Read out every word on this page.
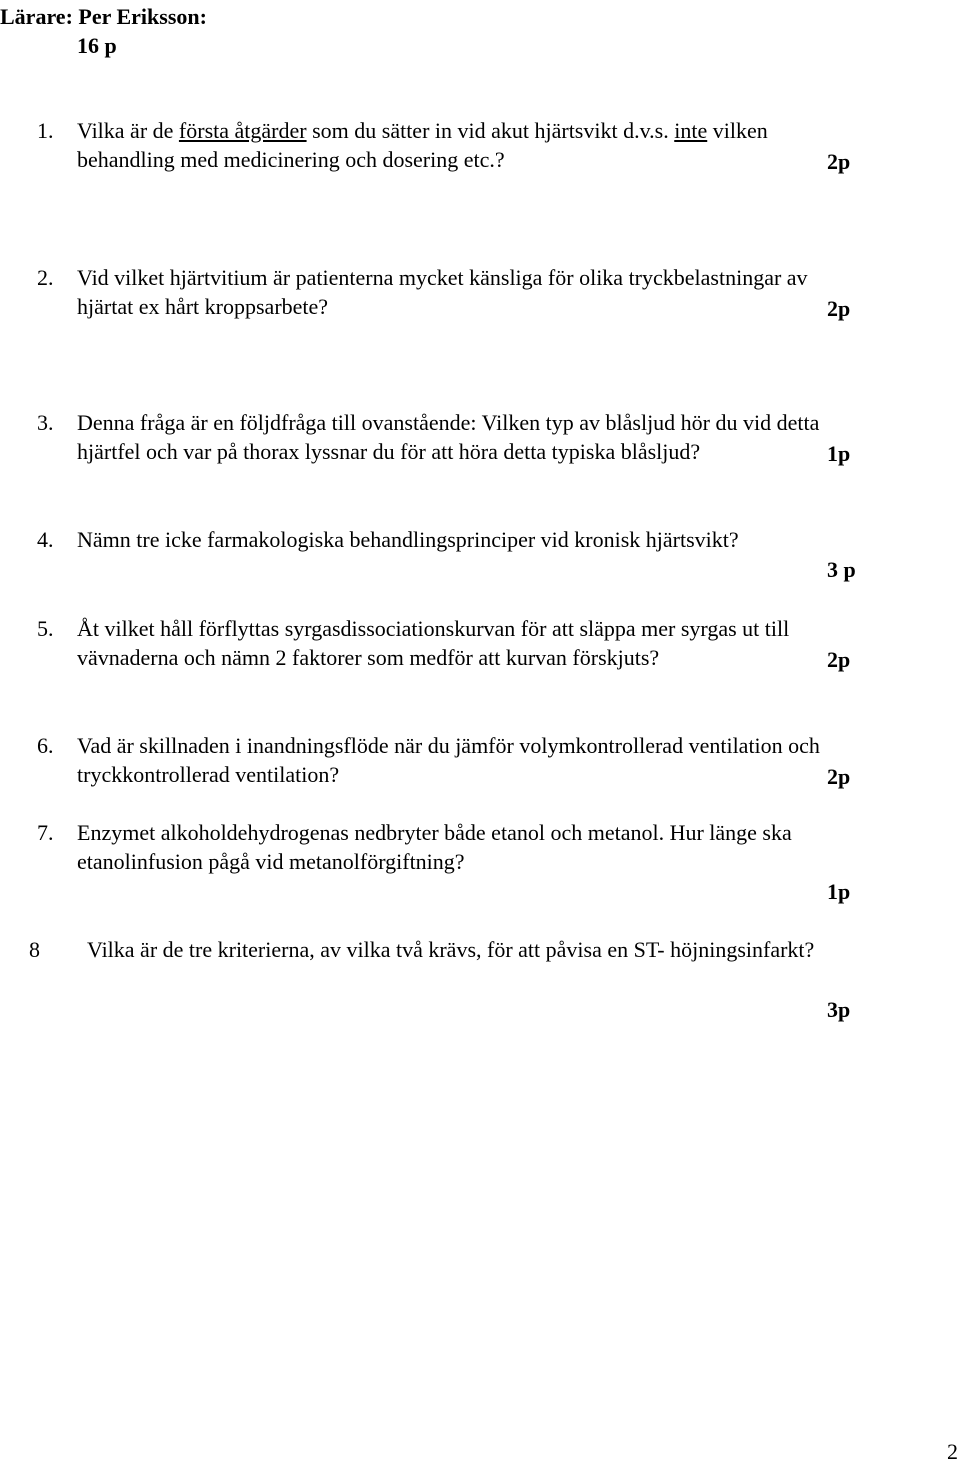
Lärare: Per Eriksson:
16 p
1. Vilka är de första åtgärder som du sätter in vid akut hjärtsvikt d.v.s. inte vilken
behandling med medicinering och dosering etc.?	2p
2. Vid vilket hjärtvitium är patienterna mycket känsliga för olika tryckbelastningar av
hjärtat ex hårt kroppsarbete?	2p
3. Denna fråga är en följdfråga till ovanstående: Vilken typ av blåsljud hör du vid detta
hjärtfel och var på thorax lyssnar du för att höra detta typiska blåsljud?	1p
4. Nämn tre icke farmakologiska behandlingsprinciper vid kronisk hjärtsvikt?
3 p
5. Åt vilket håll förflyttas syrgasdissociationskurvan för att släppa mer syrgas ut till
vävnaderna och nämn 2 faktorer som medför att kurvan förskjuts?	2p
6. Vad är skillnaden i inandningsflöde när du jämför volymkontrollerad ventilation och
tryckkontrollerad ventilation?	2p
7. Enzymet alkoholdehydrogenas nedbryter både etanol och metanol. Hur länge ska
etanolinfusion pågå vid metanolförgiftning?
1p
8 Vilka är de tre kriterierna, av vilka två krävs, för att påvisa en ST- höjningsinfarkt?
3p
2
